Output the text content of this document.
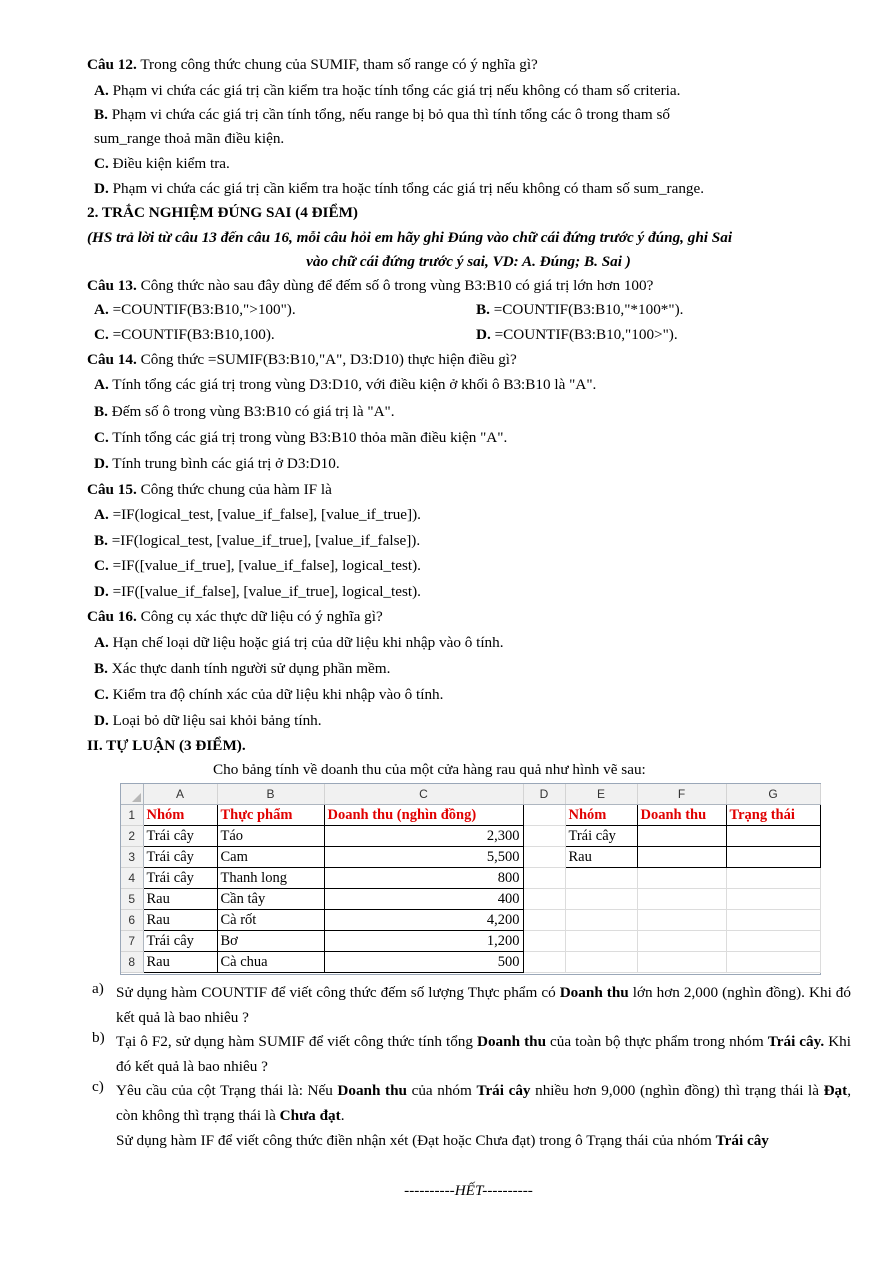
Câu 12. Trong công thức chung của SUMIF, tham số range có ý nghĩa gì?
A. Phạm vi chứa các giá trị cần kiểm tra hoặc tính tổng các giá trị nếu không có tham số criteria.
B. Phạm vi chứa các giá trị cần tính tổng, nếu range bị bỏ qua thì tính tổng các ô trong tham số
sum_range thoả mãn điều kiện.
C. Điều kiện kiểm tra.
D. Phạm vi chứa các giá trị cần kiểm tra hoặc tính tổng các giá trị nếu không có tham số sum_range.
2. TRẮC NGHIỆM ĐÚNG SAI (4 ĐIỂM)
(HS trả lời từ câu 13 đến câu 16, mỗi câu hỏi em hãy ghi Đúng vào chữ cái đứng trước ý đúng, ghi Sai
vào chữ cái đứng trước ý sai, VD: A. Đúng; B. Sai )
Câu 13. Công thức nào sau đây dùng để đếm số ô trong vùng B3:B10 có giá trị lớn hơn 100?
A. =COUNTIF(B3:B10,">100").	B. =COUNTIF(B3:B10,"*100*").
C. =COUNTIF(B3:B10,100).	D. =COUNTIF(B3:B10,"100>").
Câu 14. Công thức =SUMIF(B3:B10,"A", D3:D10) thực hiện điều gì?
A. Tính tổng các giá trị trong vùng D3:D10, với điều kiện ở khối ô B3:B10 là "A".
B. Đếm số ô trong vùng B3:B10 có giá trị là "A".
C. Tính tổng các giá trị trong vùng B3:B10 thỏa mãn điều kiện "A".
D. Tính trung bình các giá trị ở D3:D10.
Câu 15. Công thức chung của hàm IF là
A. =IF(logical_test, [value_if_false], [value_if_true]).
B. =IF(logical_test, [value_if_true], [value_if_false]).
C. =IF([value_if_true], [value_if_false], logical_test).
D. =IF([value_if_false], [value_if_true], logical_test).
Câu 16. Công cụ xác thực dữ liệu có ý nghĩa gì?
A. Hạn chế loại dữ liệu hoặc giá trị của dữ liệu khi nhập vào ô tính.
B. Xác thực danh tính người sử dụng phần mềm.
C. Kiểm tra độ chính xác của dữ liệu khi nhập vào ô tính.
D. Loại bỏ dữ liệu sai khỏi bảng tính.
II. TỰ LUẬN (3 ĐIỂM).
Cho bảng tính về doanh thu của một cửa hàng rau quả như hình vẽ sau:
	A	B	C	D	E	F	G
1	Nhóm	Thực phẩm	Doanh thu (nghìn đồng)		Nhóm	Doanh thu	Trạng thái
2	Trái cây	Táo	2,300		Trái cây		
3	Trái cây	Cam	5,500		Rau		
4	Trái cây	Thanh long	800				
5	Rau	Cần tây	400				
6	Rau	Cà rốt	4,200				
7	Trái cây	Bơ	1,200				
8	Rau	Cà chua	500				
a) Sử dụng hàm COUNTIF để viết công thức đếm số lượng Thực phẩm có Doanh thu lớn hơn 2,000 (nghìn đồng). Khi đó kết quả là bao nhiêu ?
b) Tại ô F2, sử dụng hàm SUMIF để viết công thức tính tổng Doanh thu của toàn bộ thực phẩm trong nhóm Trái cây. Khi đó kết quả là bao nhiêu ?
c) Yêu cầu của cột Trạng thái là: Nếu Doanh thu của nhóm Trái cây nhiều hơn 9,000 (nghìn đồng) thì trạng thái là Đạt, còn không thì trạng thái là Chưa đạt.
Sử dụng hàm IF để viết công thức điền nhận xét (Đạt hoặc Chưa đạt) trong ô Trạng thái của nhóm Trái cây
----------HẾT----------
